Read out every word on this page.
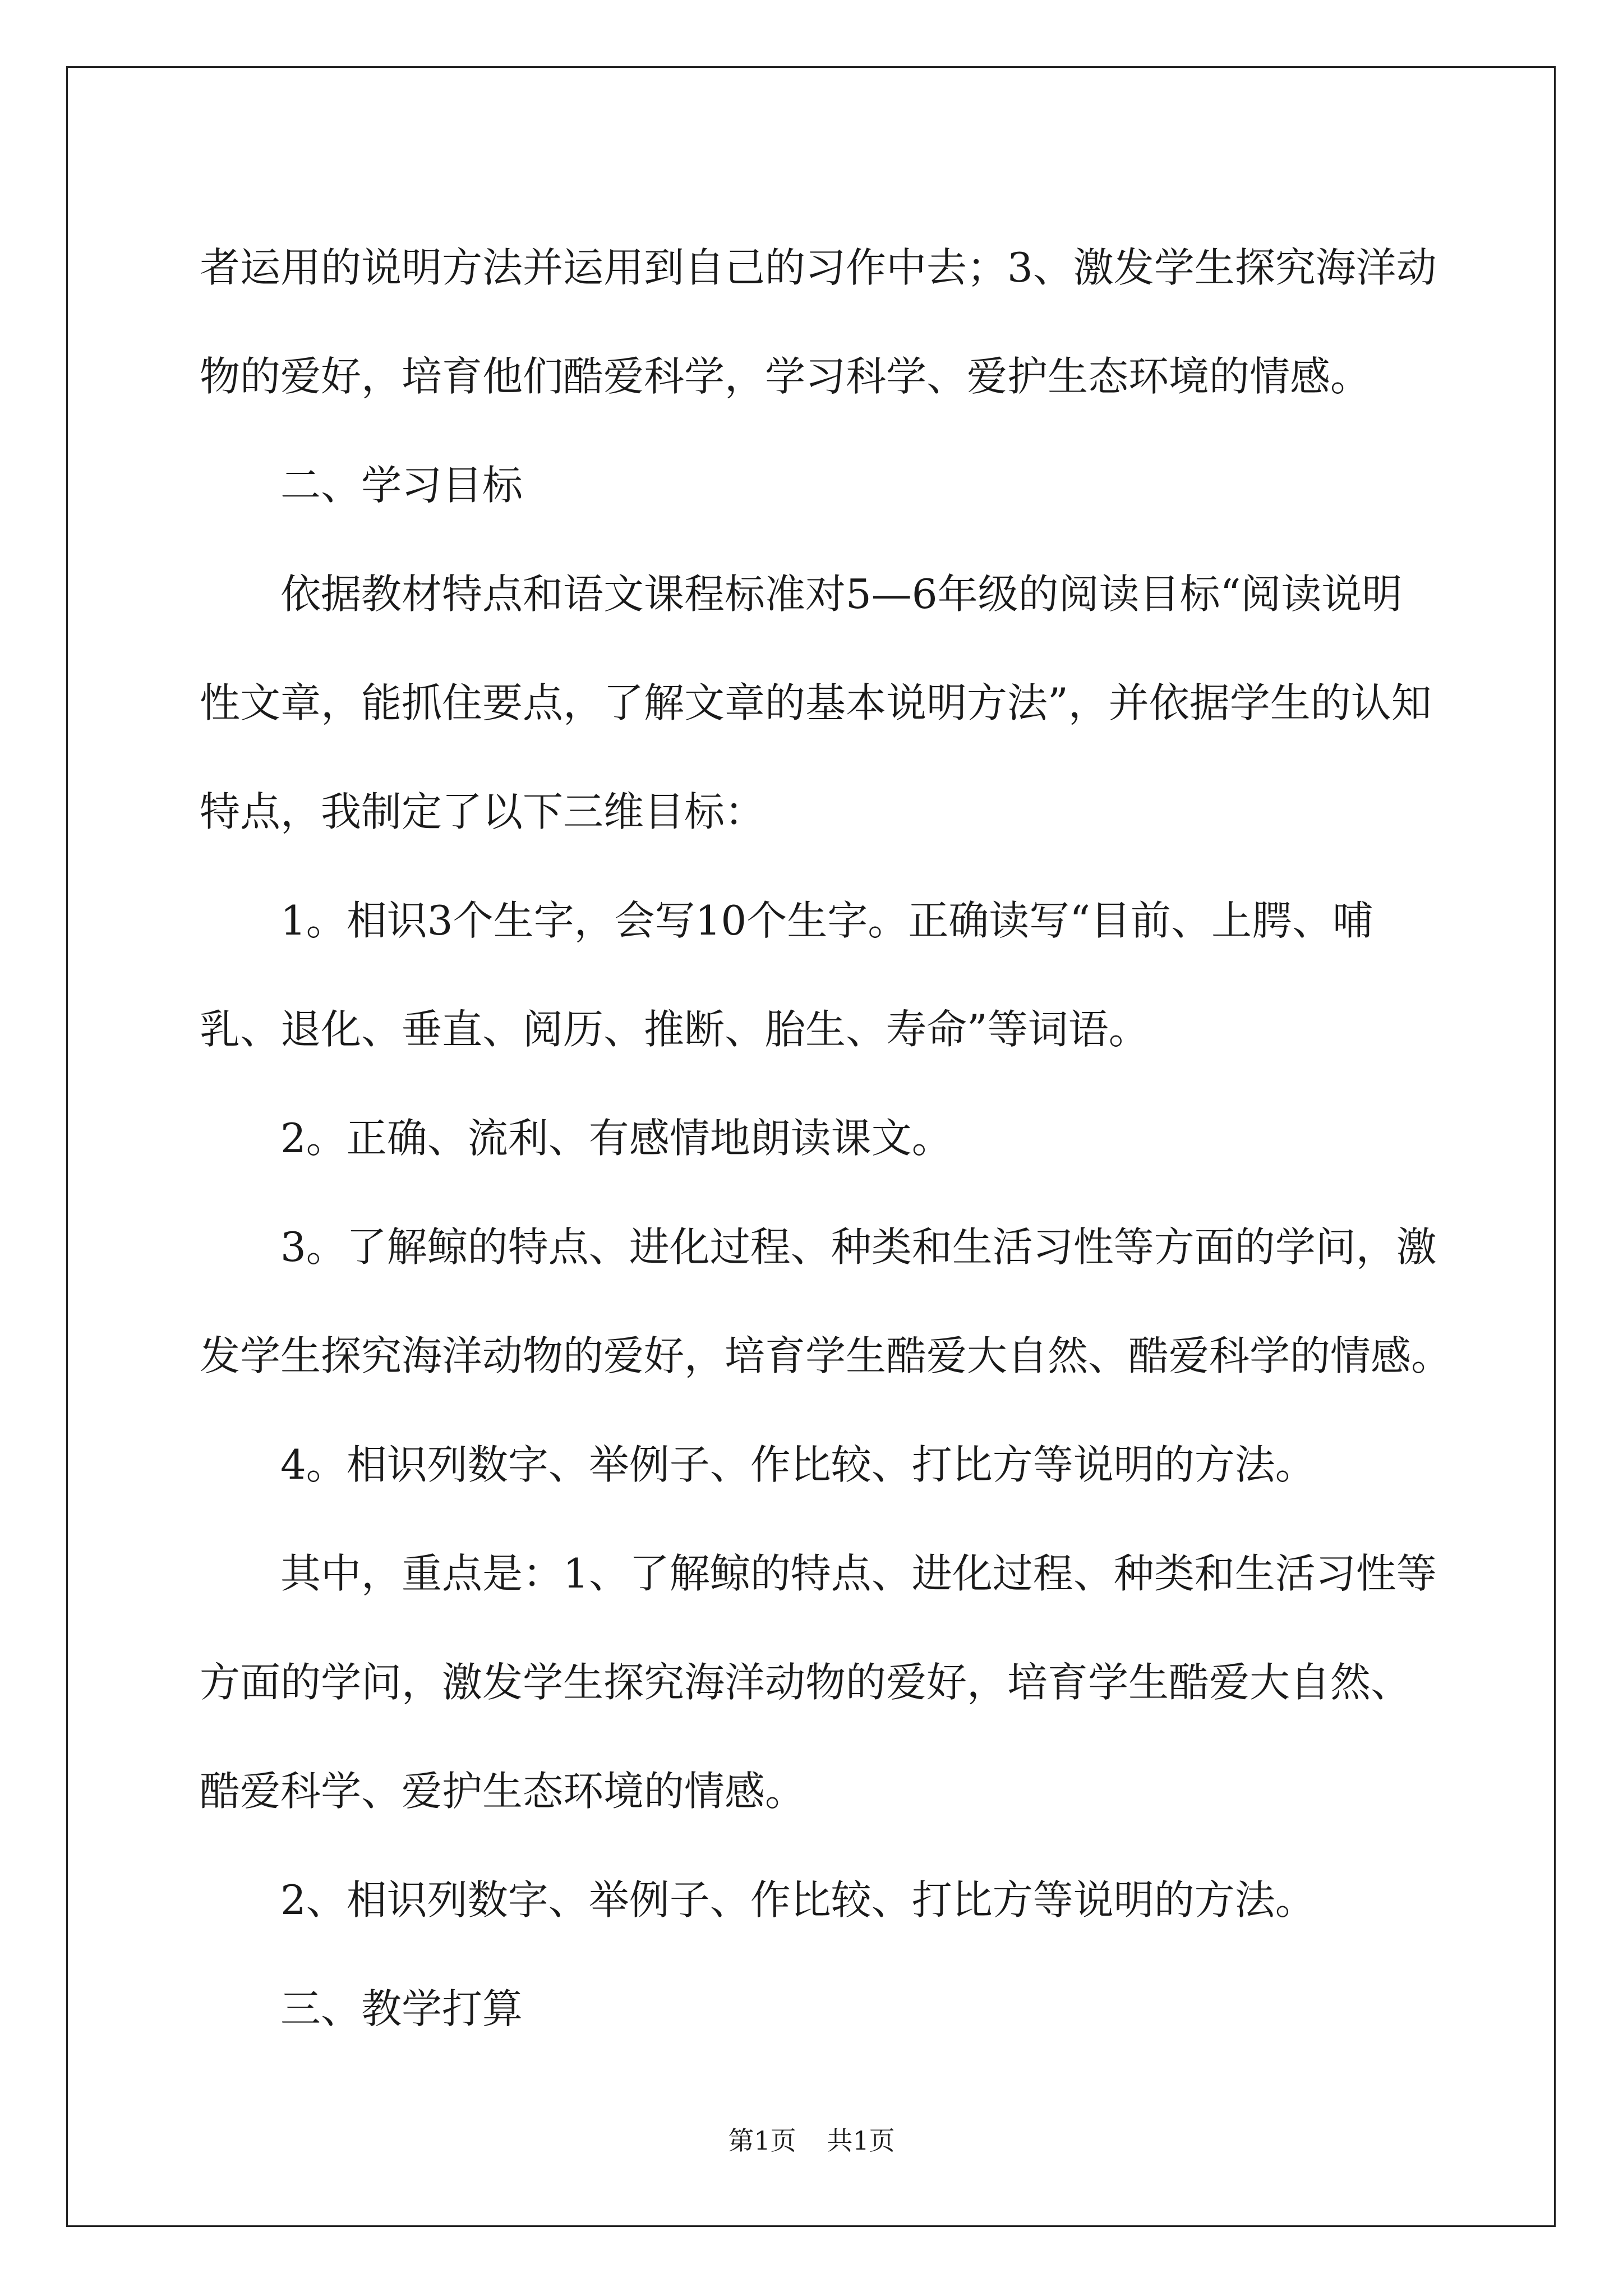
者运用的说明方法并运用到自己的习作中去；3、激发学生探究海洋动

物的爱好，培育他们酷爱科学，学习科学、爱护生态环境的情感。

二、学习目标

依据教材特点和语文课程标准对5—6年级的阅读目标“阅读说明

性文章，能抓住要点，了解文章的基本说明方法”，并依据学生的认知

特点，我制定了以下三维目标：

1。相识3个生字，会写10个生字。正确读写“目前、上腭、哺

乳、退化、垂直、阅历、推断、胎生、寿命”等词语。

2。正确、流利、有感情地朗读课文。

3。了解鲸的特点、进化过程、种类和生活习性等方面的学问，激

发学生探究海洋动物的爱好，培育学生酷爱大自然、酷爱科学的情感。

4。相识列数字、举例子、作比较、打比方等说明的方法。

其中，重点是：1、了解鲸的特点、进化过程、种类和生活习性等

方面的学问，激发学生探究海洋动物的爱好，培育学生酷爱大自然、

酷爱科学、爱护生态环境的情感。

2、相识列数字、举例子、作比较、打比方等说明的方法。

三、教学打算

第1页 共1页
